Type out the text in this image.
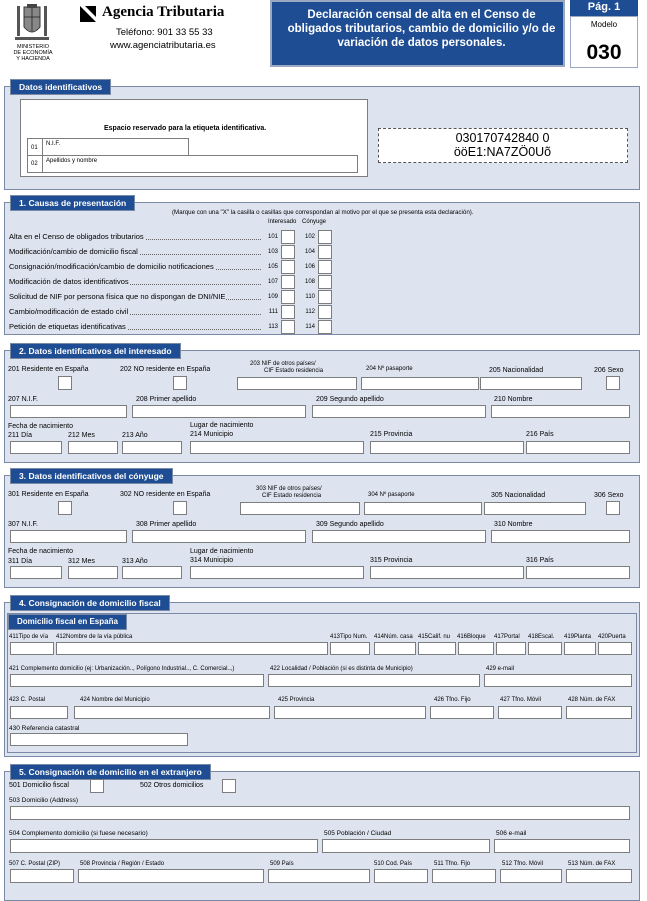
MINISTERIO
DE ECONOMÍA
Y HACIENDA
Agencia Tributaria
Teléfono: 901 33 55 33
www.agenciatributaria.es
Declaración censal de alta en el Censo de obligados tributarios, cambio de domicilio y/o de variación de datos personales.
Pág. 1
Modelo
030
Datos identificativos
Espacio reservado para la etiqueta identificativa.
01
N.I.F.
02 Apellidos y nombre
030170742840 0
ööE1:NA7ZÖ0Uõ
1. Causas de presentación
(Marque con una "X" la casilla o casillas que correspondan al motivo por el que se presenta esta declaración).
Interesado Cónyuge
Alta en el Censo de obligados tributarios	101	102
Modificación/cambio de domicilio fiscal	103	104
Consignación/modificación/cambio de domicilio notificaciones	105	106
Modificación de datos identificativos	107	108
Solicitud de NIF por persona física que no dispongan de DNI/NIE	109	110
Cambio/modificación de estado civil	111	112
Petición de etiquetas identificativas	113	114
2. Datos identificativos del interesado
201 Residente en España	202 NO residente en España
203 NIF de otros países/
CIF Estado residencia	204 Nº pasaporte	205 Nacionalidad	206 Sexo
207 N.I.F.	208 Primer apellido	209 Segundo apellido	210 Nombre
Fecha de nacimiento	Lugar de nacimiento
211 Día	212 Mes	213 Año	214 Municipio	215 Provincia	216 País
3. Datos identificativos del cónyuge
301 Residente en España	302 NO residente en España
303 NIF de otros países/
CIF Estado residencia	304 Nº pasaporte	305 Nacionalidad	306 Sexo
307 N.I.F.	308 Primer apellido	309 Segundo apellido	310 Nombre
Fecha de nacimiento	Lugar de nacimiento
311 Día	312 Mes	313 Año	314 Municipio	315 Provincia	316 País
4. Consignación de domicilio fiscal
Domicilio fiscal en España
411Tipo de vía 412Nombre de la vía pública	413Tipo Num. 414Núm. casa 415Calif. nu 416Bloque 417Portal 418Escal. 419Planta 420Puerta
421 Complemento domicilio (ej: Urbanización.., Polígono Industrial.., C. Comercial..,)	422 Localidad / Población (si es distinta de Municipio)	429 e-mail
423 C. Postal	424 Nombre del Municipio	425 Provincia	426 Tfno. Fijo	427 Tfno. Móvil	428 Núm. de FAX
430 Referencia catastral
5. Consignación de domicilio en el extranjero
501 Domicilio fiscal	502 Otros domicilios
503 Domicilio (Address)
504 Complemento domicilio (si fuese necesario)	505 Población / Ciudad	506 e-mail
507 C. Postal (ZIP)	508 Provincia / Región / Estado	509 País	510 Cod. País	511 Tfno. Fijo	512 Tfno. Móvil	513 Núm. de FAX
